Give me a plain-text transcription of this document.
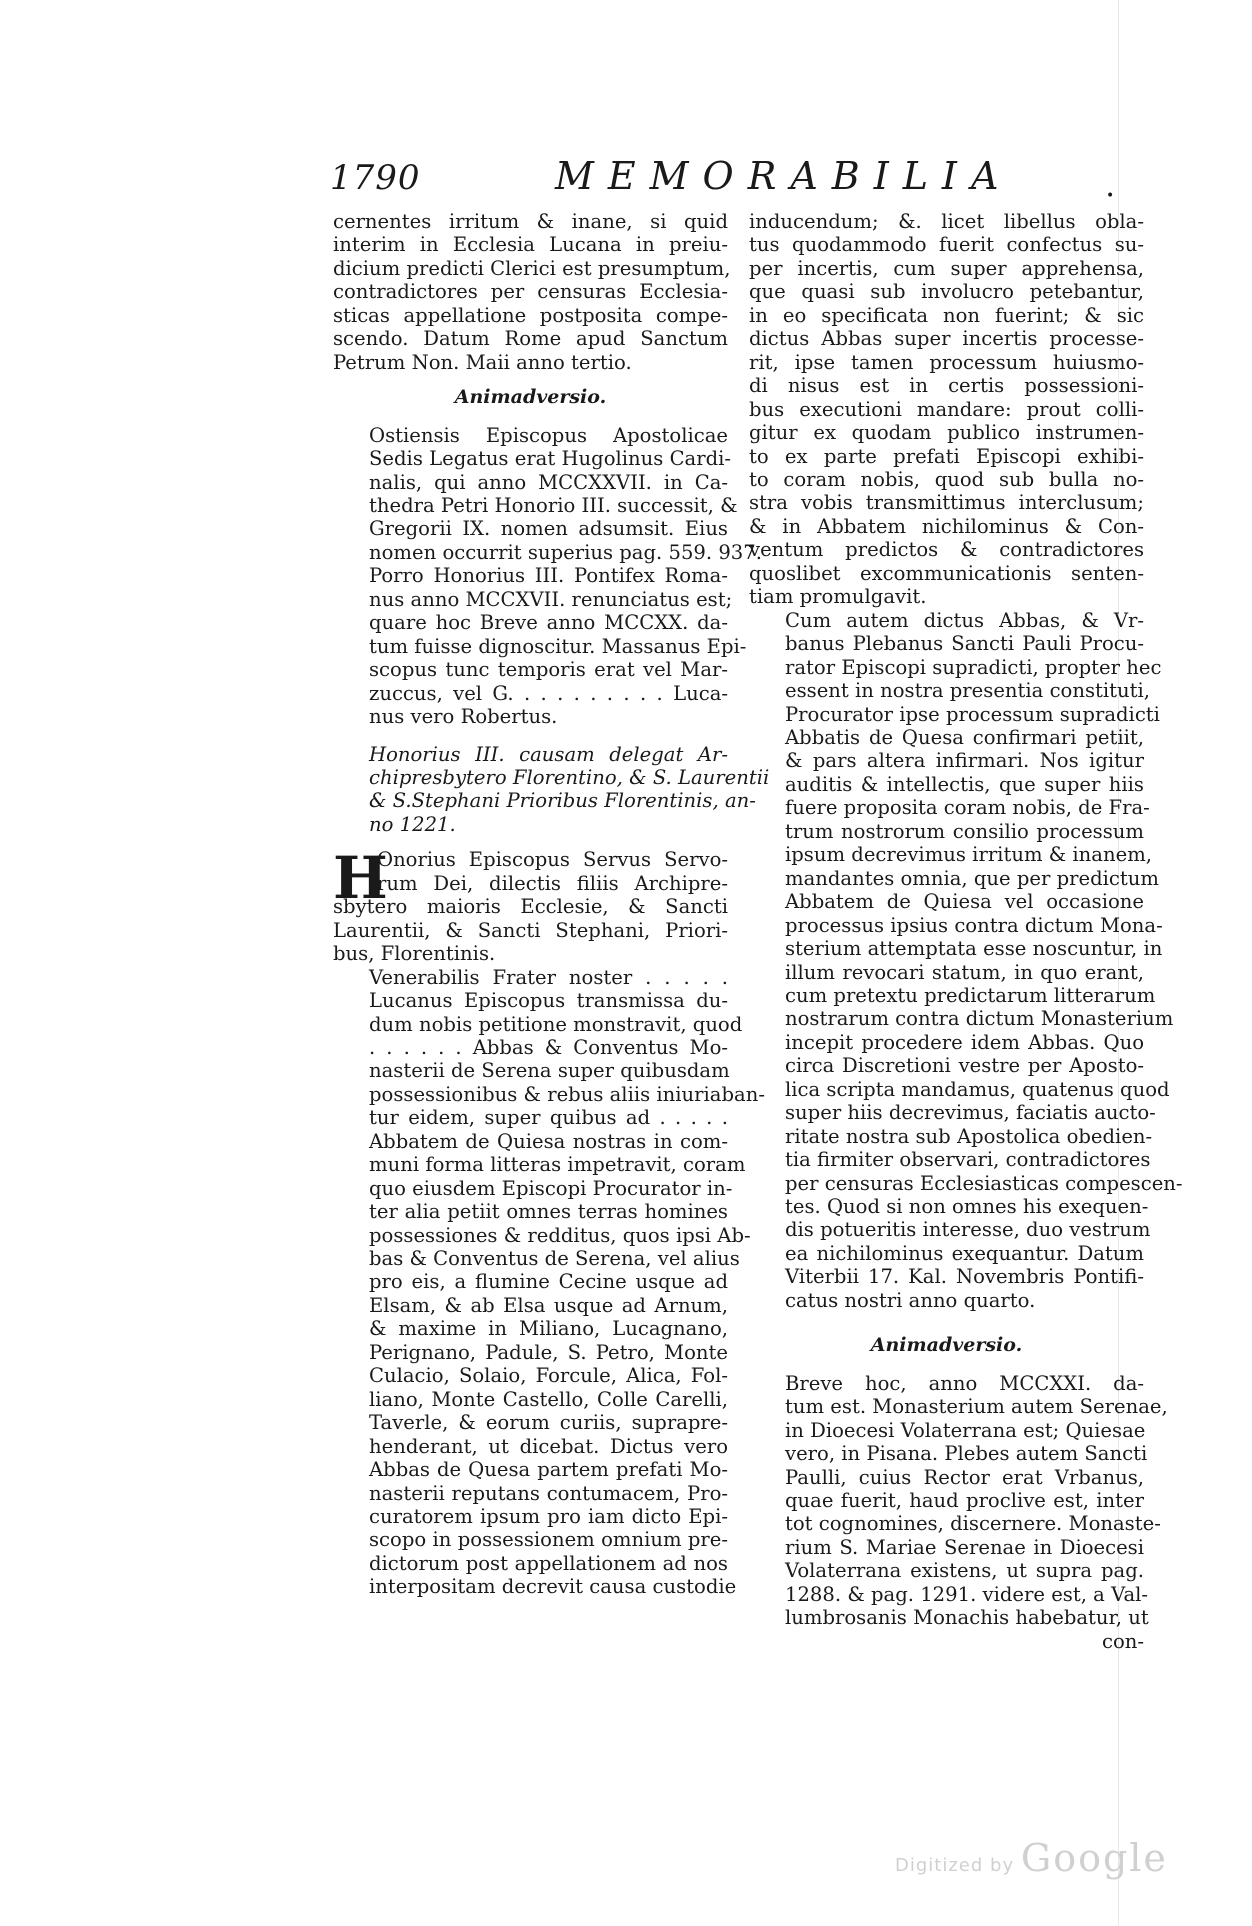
1790	MEMORABILIA	•

cernentes irritum & inane, si quid
interim in Ecclesia Lucana in preiu-
dicium predicti Clerici est presumptum,
contradictores per censuras Ecclesia-
sticas appellatione postposita compe-
scendo. Datum Rome apud Sanctum
Petrum Non. Maii anno tertio.

Animadversio.

Ostiensis Episcopus Apostolicae
Sedis Legatus erat Hugolinus Cardi-
nalis, qui anno MCCXXVII. in Ca-
thedra Petri Honorio III. successit, &
Gregorii IX. nomen adsumsit. Eius
nomen occurrit superius pag. 559. 937.
Porro Honorius III. Pontifex Roma-
nus anno MCCXVII. renunciatus est;
quare hoc Breve anno MCCXX. da-
tum fuisse dignoscitur. Massanus Epi-
scopus tunc temporis erat vel Mar-
zuccus, vel G. . . . . . . . . . Luca-
nus vero Robertus.

Honorius III. causam delegat Ar-
chipresbytero Florentino, & S. Laurentii
& S.Stephani Prioribus Florentinis, an-
no 1221.

H
Onorius Episcopus Servus Servo-
rum Dei, dilectis filiis Archipre-

sbytero maioris Ecclesie, & Sancti
Laurentii, & Sancti Stephani, Priori-
bus, Florentinis.

Venerabilis Frater noster . . . . .
Lucanus Episcopus transmissa du-
dum nobis petitione monstravit, quod
. . . . . . Abbas & Conventus Mo-
nasterii de Serena super quibusdam
possessionibus & rebus aliis iniuriaban-
tur eidem, super quibus ad . . . . .
Abbatem de Quiesa nostras in com-
muni forma litteras impetravit, coram
quo eiusdem Episcopi Procurator in-
ter alia petiit omnes terras homines
possessiones & redditus, quos ipsi Ab-
bas & Conventus de Serena, vel alius
pro eis, a flumine Cecine usque ad
Elsam, & ab Elsa usque ad Arnum,
& maxime in Miliano, Lucagnano,
Perignano, Padule, S. Petro, Monte
Culacio, Solaio, Forcule, Alica, Fol-
liano, Monte Castello, Colle Carelli,
Taverle, & eorum curiis, suprapre-
henderant, ut dicebat. Dictus vero
Abbas de Quesa partem prefati Mo-
nasterii reputans contumacem, Pro-
curatorem ipsum pro iam dicto Epi-
scopo in possessionem omnium pre-
dictorum post appellationem ad nos
interpositam decrevit causa custodie

inducendum; &. licet libellus obla-
tus quodammodo fuerit confectus su-
per incertis, cum super apprehensa,
que quasi sub involucro petebantur,
in eo specificata non fuerint; & sic
dictus Abbas super incertis processe-
rit, ipse tamen processum huiusmo-
di nisus est in certis possessioni-
bus executioni mandare: prout colli-
gitur ex quodam publico instrumen-
to ex parte prefati Episcopi exhibi-
to coram nobis, quod sub bulla no-
stra vobis transmittimus interclusum;
& in Abbatem nichilominus & Con-
ventum predictos & contradictores
quoslibet excommunicationis senten-
tiam promulgavit.

Cum autem dictus Abbas, & Vr-
banus Plebanus Sancti Pauli Procu-
rator Episcopi supradicti, propter hec
essent in nostra presentia constituti,
Procurator ipse processum supradicti
Abbatis de Quesa confirmari petiit,
& pars altera infirmari. Nos igitur
auditis & intellectis, que super hiis
fuere proposita coram nobis, de Fra-
trum nostrorum consilio processum
ipsum decrevimus irritum & inanem,
mandantes omnia, que per predictum
Abbatem de Quiesa vel occasione
processus ipsius contra dictum Mona-
sterium attemptata esse noscuntur, in
illum revocari statum, in quo erant,
cum pretextu predictarum litterarum
nostrarum contra dictum Monasterium
incepit procedere idem Abbas. Quo
circa Discretioni vestre per Aposto-
lica scripta mandamus, quatenus quod
super hiis decrevimus, faciatis aucto-
ritate nostra sub Apostolica obedien-
tia firmiter observari, contradictores
per censuras Ecclesiasticas compescen-
tes. Quod si non omnes his exequen-
dis potueritis interesse, duo vestrum
ea nichilominus exequantur. Datum
Viterbii 17. Kal. Novembris Pontifi-
catus nostri anno quarto.

Animadversio.

Breve hoc, anno MCCXXI. da-
tum est. Monasterium autem Serenae,
in Dioecesi Volaterrana est; Quiesae
vero, in Pisana. Plebes autem Sancti
Paulli, cuius Rector erat Vrbanus,
quae fuerit, haud proclive est, inter
tot cognomines, discernere. Monaste-
rium S. Mariae Serenae in Dioecesi
Volaterrana existens, ut supra pag.
1288. & pag. 1291. videre est, a Val-
lumbrosanis Monachis habebatur, ut

con-

Digitized by Google
